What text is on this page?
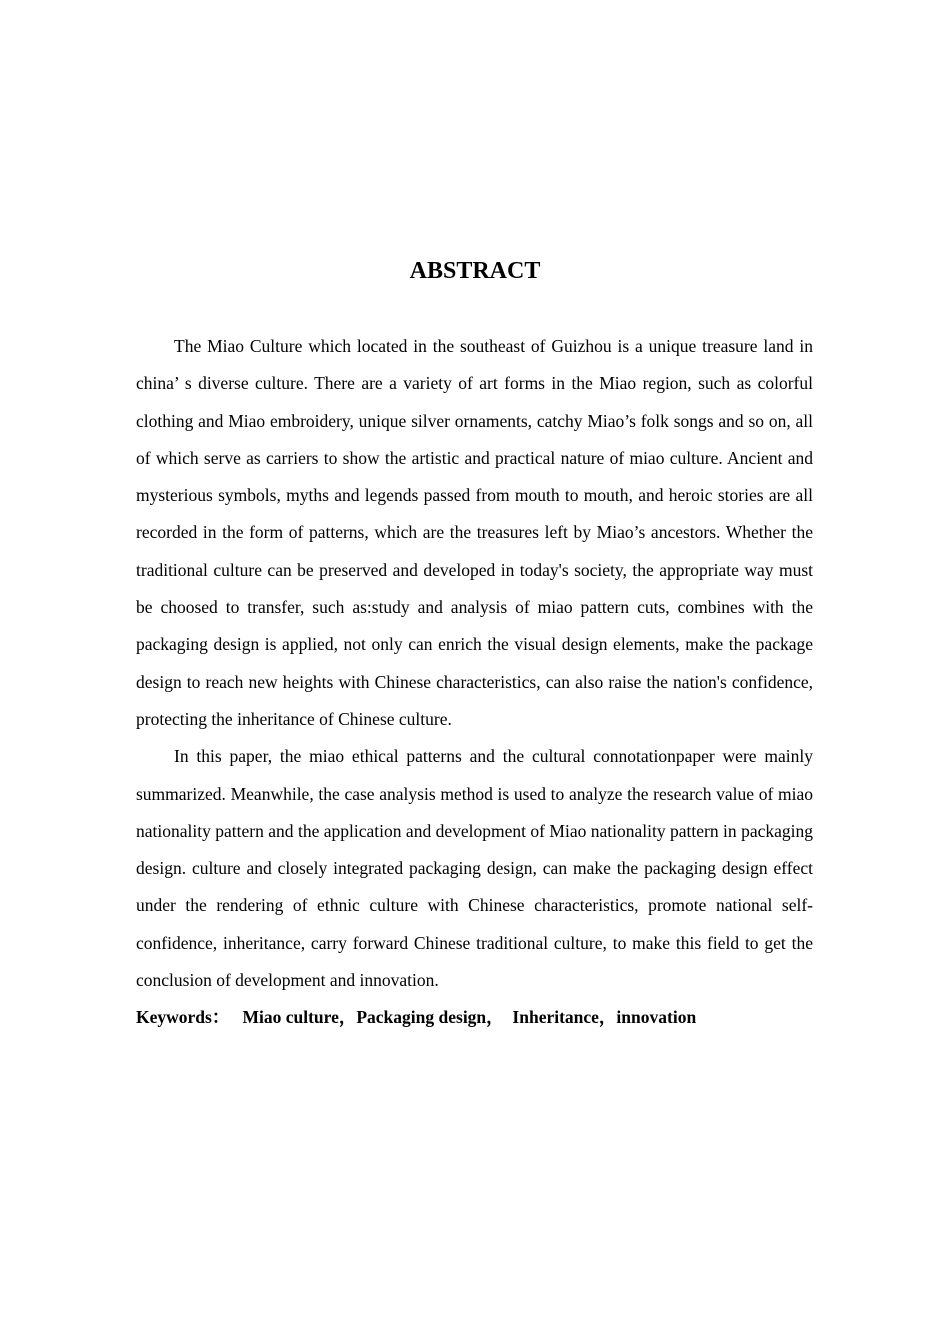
ABSTRACT

The Miao Culture which located in the southeast of Guizhou is a unique treasure land in china’ s diverse culture. There are a variety of art forms in the Miao region, such as colorful clothing and Miao embroidery, unique silver ornaments, catchy Miao’s folk songs and so on, all of which serve as carriers to show the artistic and practical nature of miao culture. Ancient and mysterious symbols, myths and legends passed from mouth to mouth, and heroic stories are all recorded in the form of patterns, which are the treasures left by Miao’s ancestors. Whether the traditional culture can be preserved and developed in today's society, the appropriate way must be choosed to transfer, such as:study and analysis of miao pattern cuts, combines with the packaging design is applied, not only can enrich the visual design elements, make the package design to reach new heights with Chinese characteristics, can also raise the nation's confidence, protecting the inheritance of Chinese culture.

In this paper, the miao ethical patterns and the cultural connotationpaper were mainly summarized. Meanwhile, the case analysis method is used to analyze the research value of miao nationality pattern and the application and development of Miao nationality pattern in packaging design. culture and closely integrated packaging design, can make the packaging design effect under the rendering of ethnic culture with Chinese characteristics, promote national self-confidence, inheritance, carry forward Chinese traditional culture, to make this field to get the conclusion of development and innovation.

Keywords： Miao culture，Packaging design，  Inheritance，innovation
